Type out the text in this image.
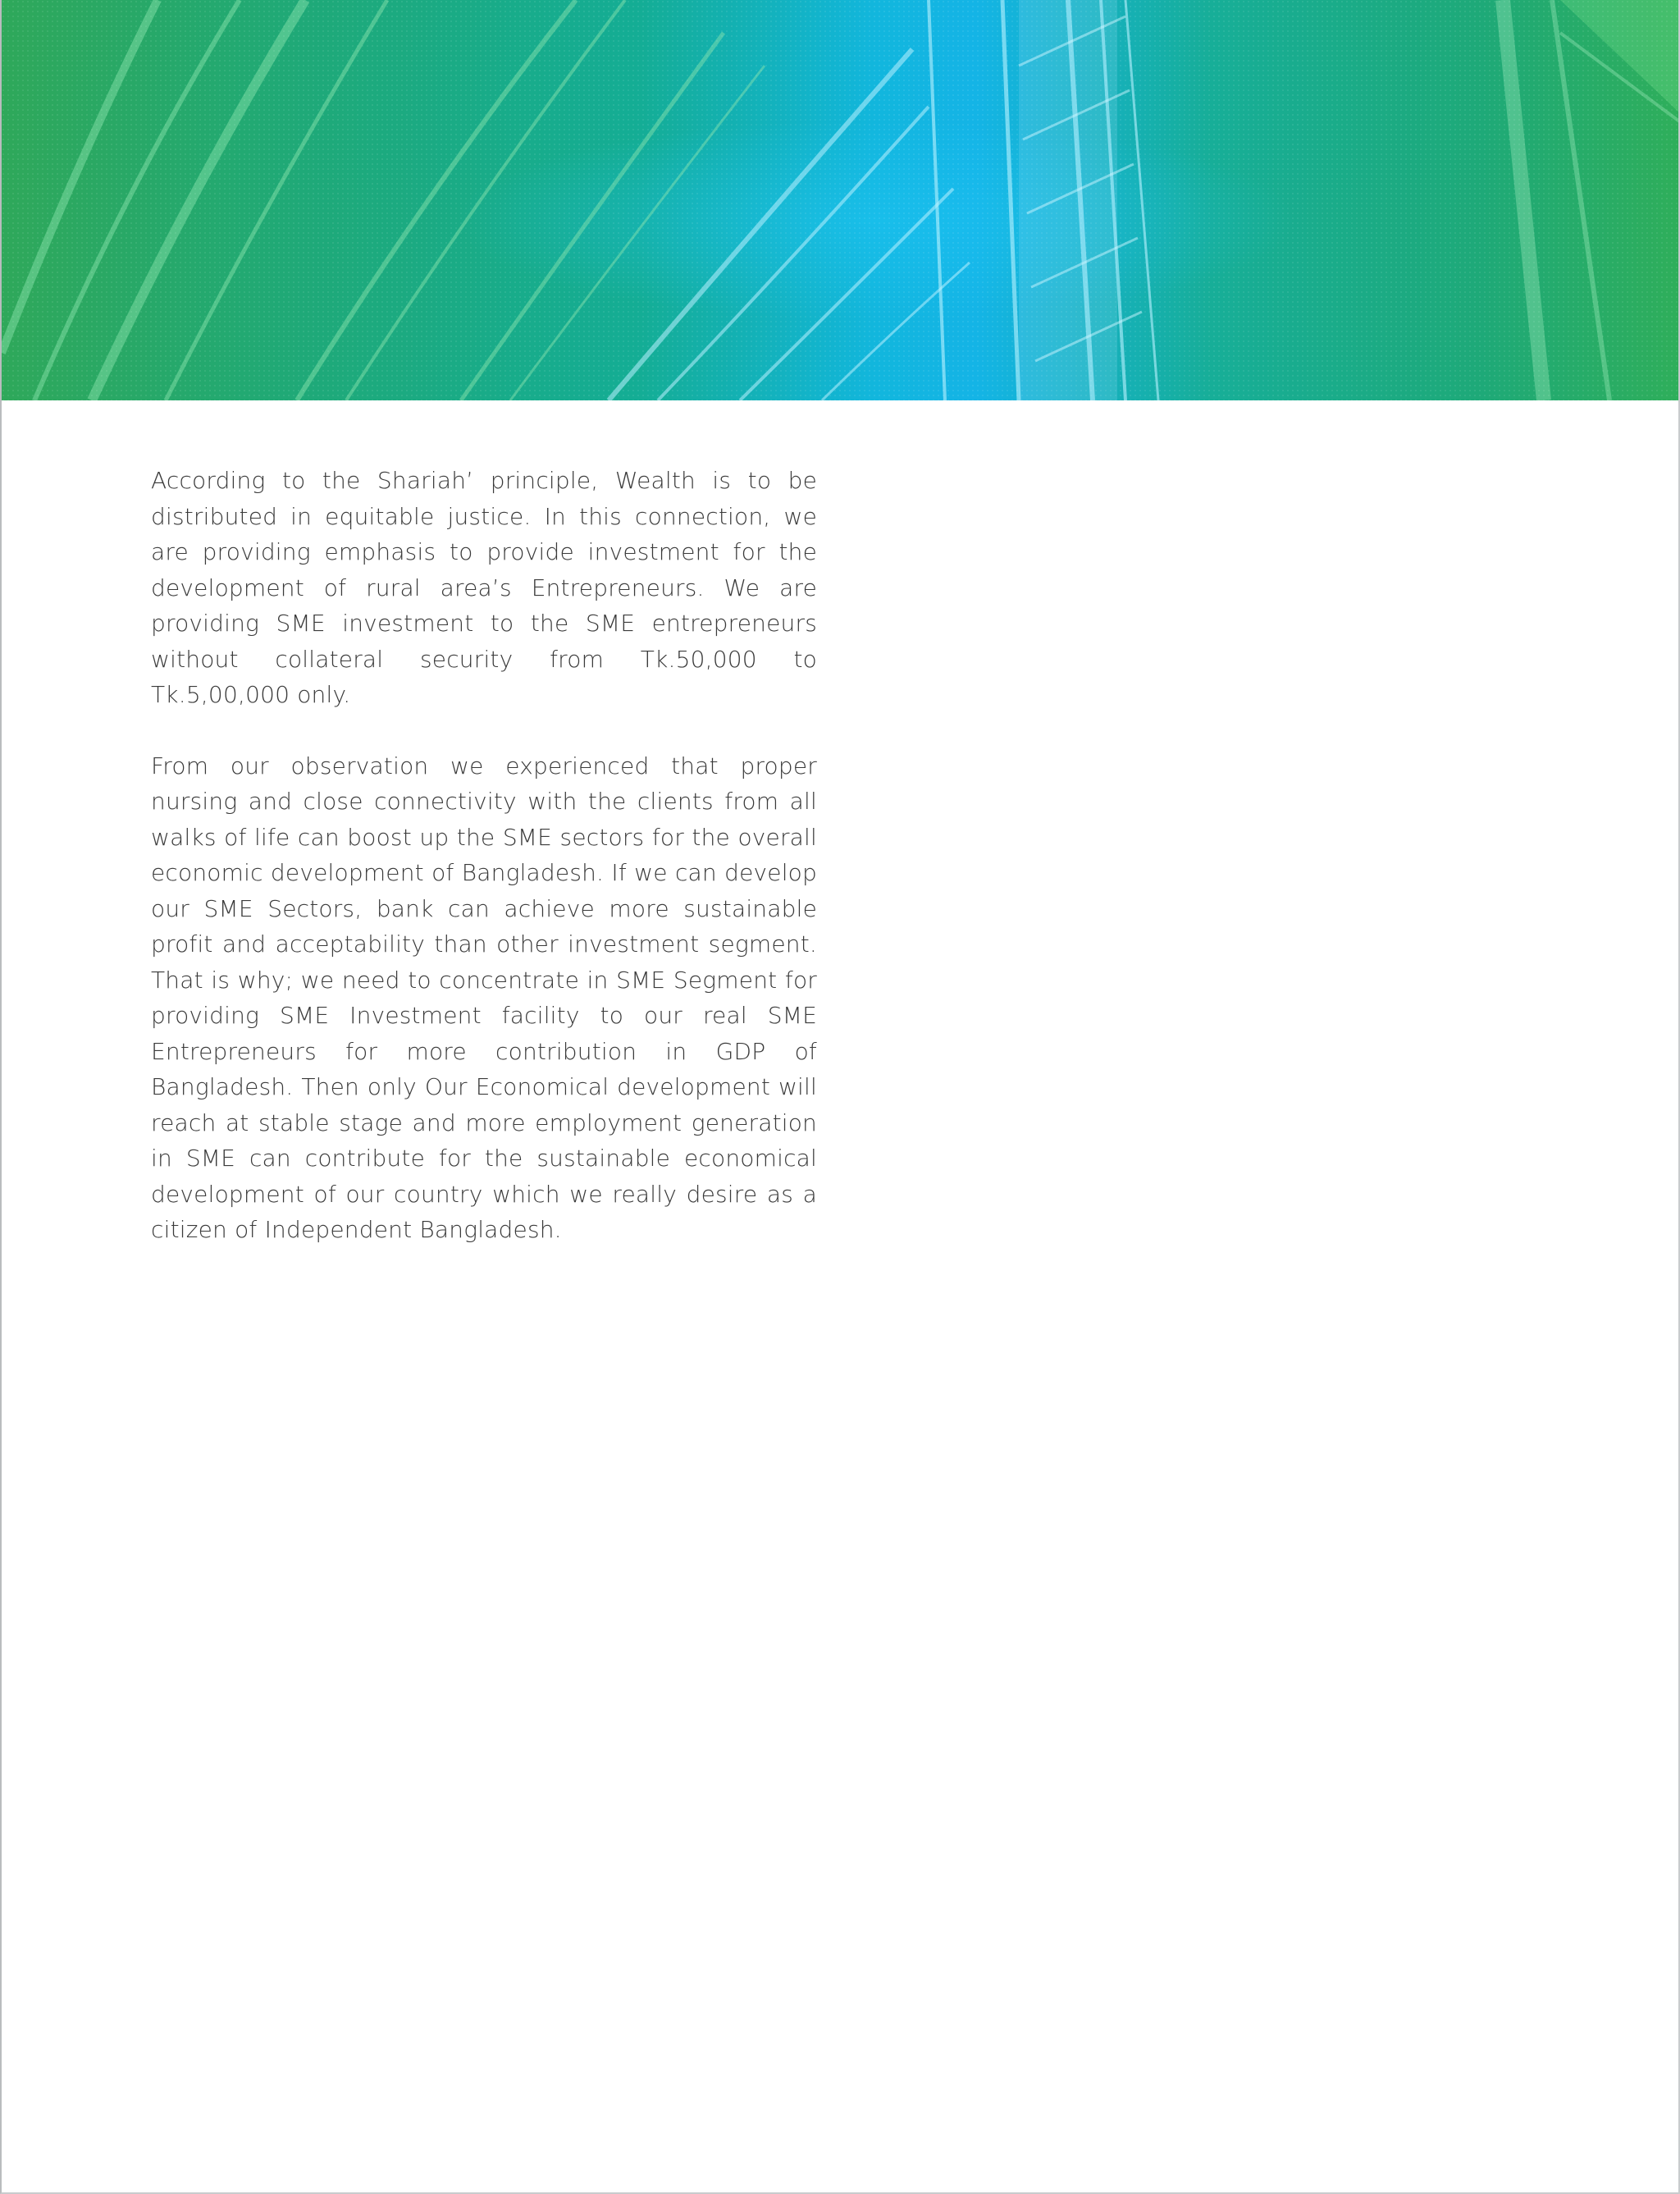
According to the Shariah’ principle, Wealth is to be distributed in equitable justice. In this connection, we are providing emphasis to provide investment for the development of rural area’s Entrepreneurs. We are providing SME investment to the SME entrepreneurs without collateral security from Tk.50,000 to Tk.5,00,000 only.

From our observation we experienced that proper nursing and close connectivity with the clients from all walks of life can boost up the SME sectors for the overall economic development of Bangladesh. If we can develop our SME Sectors, bank can achieve more sustainable profit and acceptability than other investment segment. That is why; we need to concentrate in SME Segment for providing SME Investment facility to our real SME Entrepreneurs for more contribution in GDP of Bangladesh. Then only Our Economical development will reach at stable stage and more employment generation in SME can contribute for the sustainable economical development of our country which we really desire as a citizen of Independent Bangladesh.
